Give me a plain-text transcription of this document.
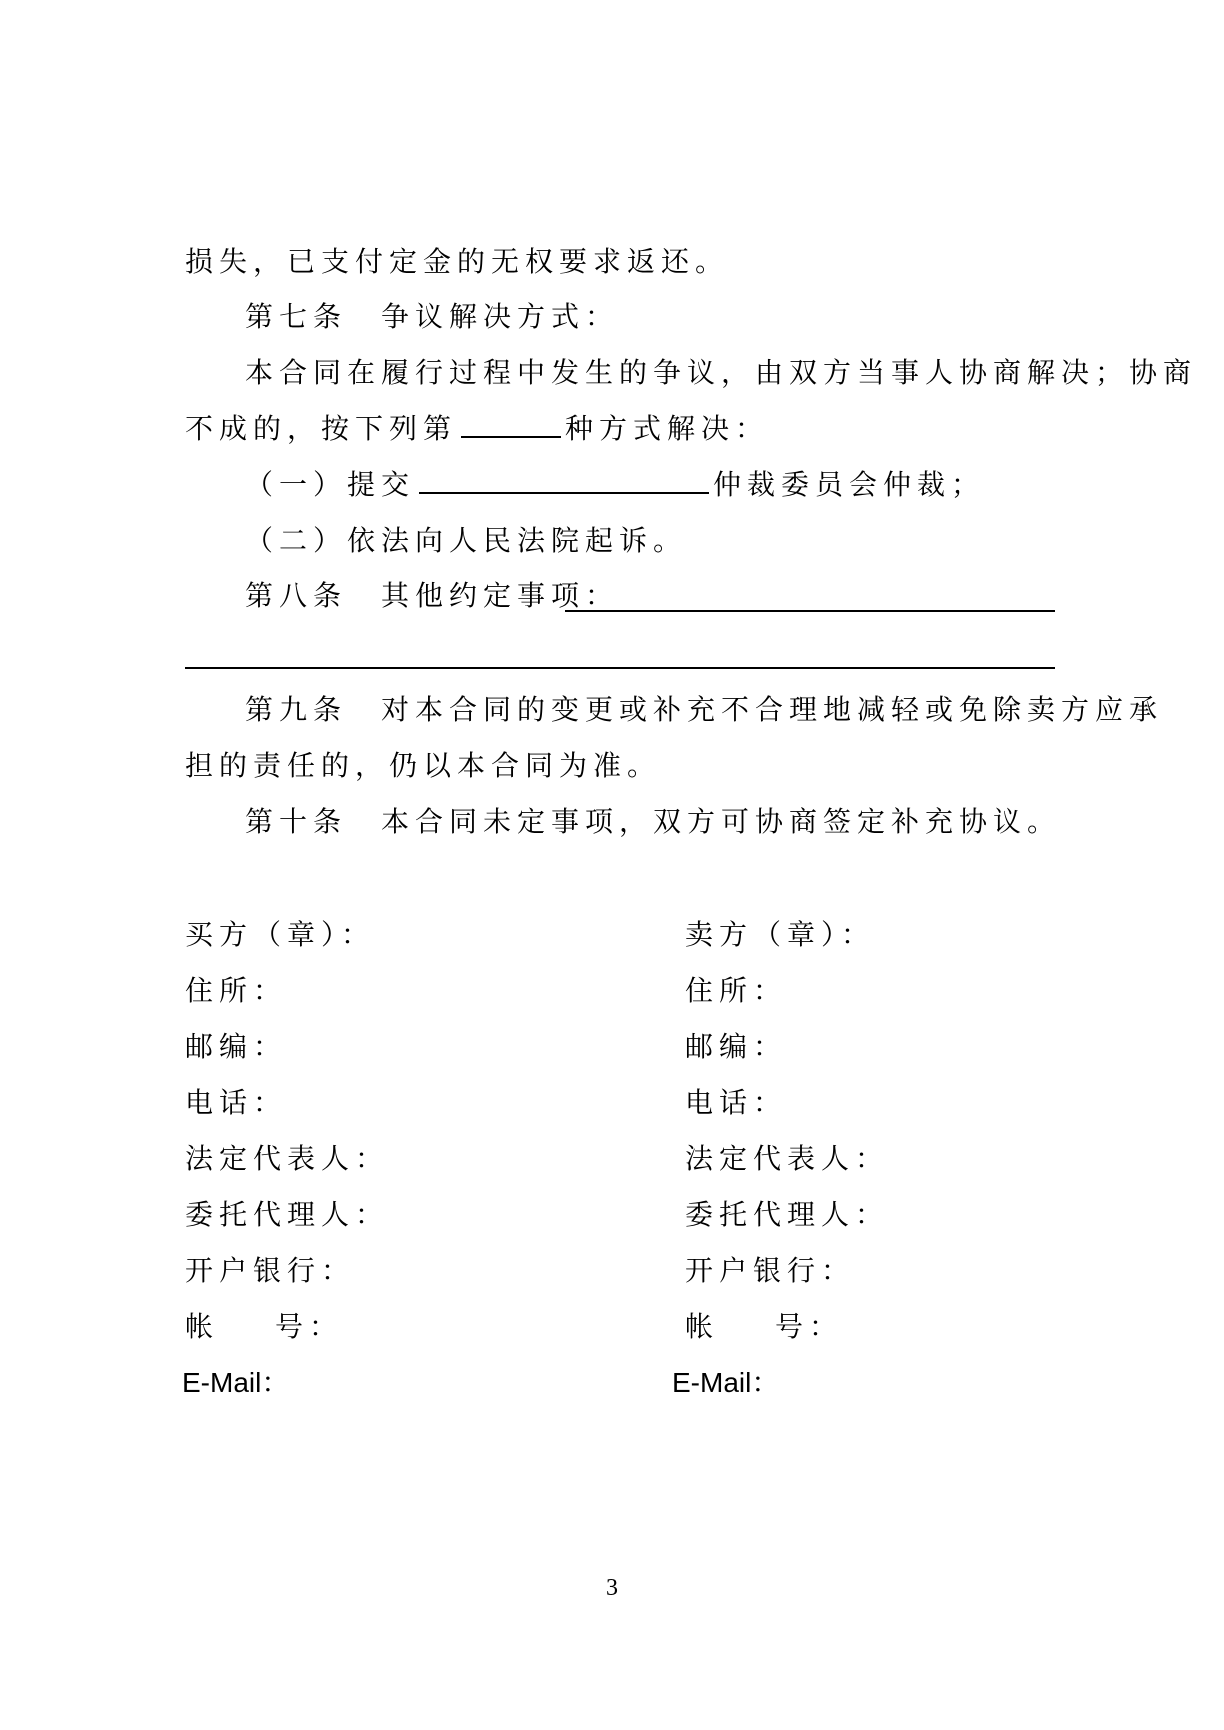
损失，已支付定金的无权要求返还。
第七条　争议解决方式：
本合同在履行过程中发生的争议，由双方当事人协商解决；协商
不成的，按下列第	种方式解决：
（一）提交	仲裁委员会仲裁；
（二）依法向人民法院起诉。
第八条　其他约定事项：
第九条　对本合同的变更或补充不合理地减轻或免除卖方应承
担的责任的，仍以本合同为准。
第十条　本合同未定事项，双方可协商签定补充协议。
买方（章）：
住所：
邮编：
电话：
法定代表人：
委托代理人：
开户银行：
帐 号：
E-Mail：
卖方（章）：
住所：
邮编：
电话：
法定代表人：
委托代理人：
开户银行：
帐 号：
E-Mail：
3
